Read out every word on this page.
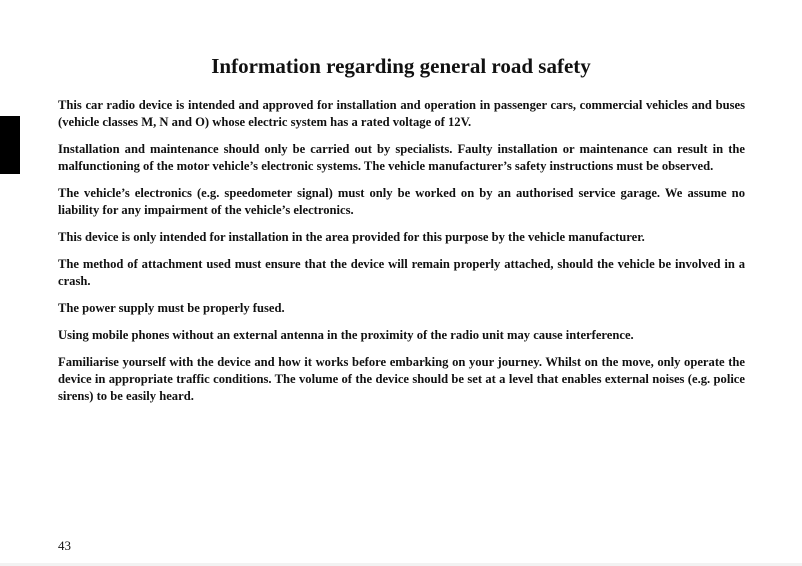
Information regarding general road safety

This car radio device is intended and approved for installation and operation in passenger cars, commercial vehicles and buses (vehicle classes M, N and O) whose electric system has a rated voltage of 12V.

Installation and maintenance should only be carried out by specialists. Faulty installation or maintenance can result in the malfunctioning of the motor vehicle’s electronic systems. The vehicle manufacturer’s safety instructions must be observed.

The vehicle’s electronics (e.g. speedometer signal) must only be worked on by an authorised service garage. We assume no liability for any impairment of the vehicle’s electronics.

This device is only intended for installation in the area provided for this purpose by the vehicle manufacturer.

The method of attachment used must ensure that the device will remain properly attached, should the vehicle be involved in a crash.

The power supply must be properly fused.

Using mobile phones without an external antenna in the proximity of the radio unit may cause interference.

Familiarise yourself with the device and how it works before embarking on your journey. Whilst on the move, only operate the device in appropriate traffic conditions. The volume of the device should be set at a level that enables external noises (e.g. police sirens) to be easily heard.

43
